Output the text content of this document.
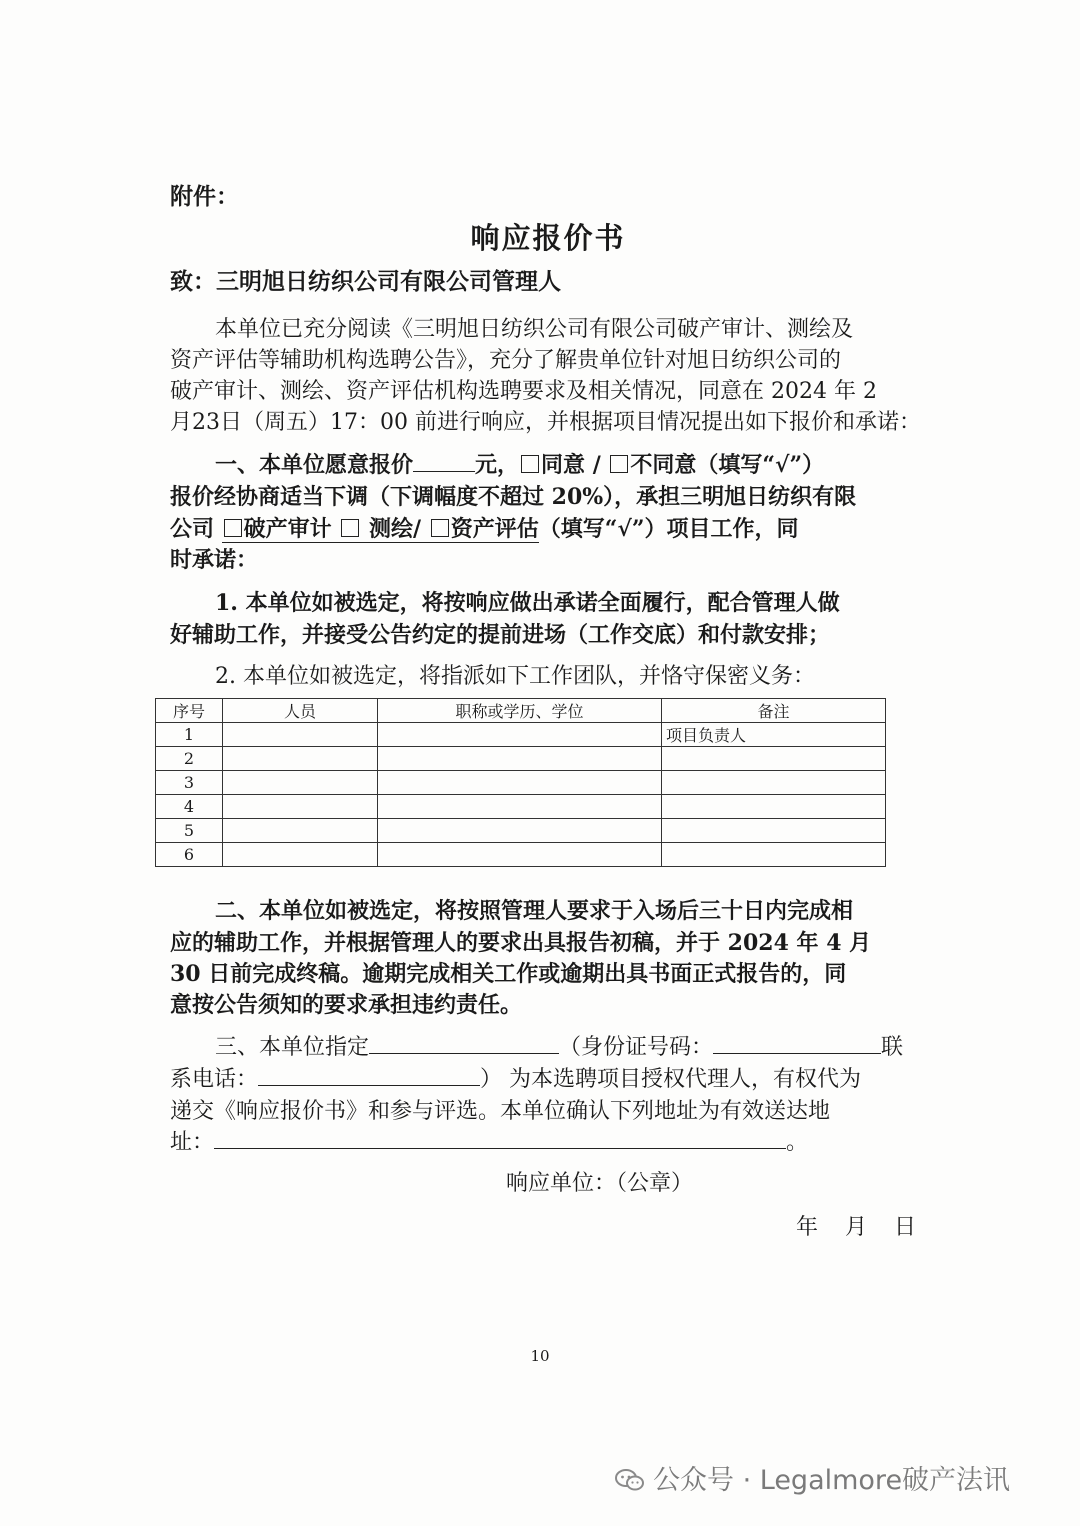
附件：
响应报价书
致：三明旭日纺织公司有限公司管理人
本单位已充分阅读《三明旭日纺织公司有限公司破产审计、测绘及
资产评估等辅助机构选聘公告》，充分了解贵单位针对旭日纺织公司的
破产审计、测绘、资产评估机构选聘要求及相关情况，同意在 2024 年 2
月23日（周五）17：00 前进行响应，并根据项目情况提出如下报价和承诺：
一、本单位愿意报价	元， 同意 / 不同意（填写“√”）
报价经协商适当下调（下调幅度不超过 20%），承担三明旭日纺织有限
公司 破产审计  测绘/ 资产评估（填写“√”）项目工作，同
时承诺：
1. 本单位如被选定，将按响应做出承诺全面履行，配合管理人做
好辅助工作，并接受公告约定的提前进场（工作交底）和付款安排；
2. 本单位如被选定，将指派如下工作团队，并恪守保密义务：
序号	人员	职称或学历、学位	备注
1			项目负责人
2			
3			
4			
5			
6			
二、本单位如被选定，将按照管理人要求于入场后三十日内完成相
应的辅助工作，并根据管理人的要求出具报告初稿，并于 2024 年 4 月
30 日前完成终稿。逾期完成相关工作或逾期出具书面正式报告的，同
意按公告须知的要求承担违约责任。
三、本单位指定	（身份证号码：	联
系电话：	） 为本选聘项目授权代理人，有权代为
递交《响应报价书》和参与评选。本单位确认下列地址为有效送达地
址：	。
响应单位：（公章）
年 月 日
10
公众号 · Legalmore破产法讯
